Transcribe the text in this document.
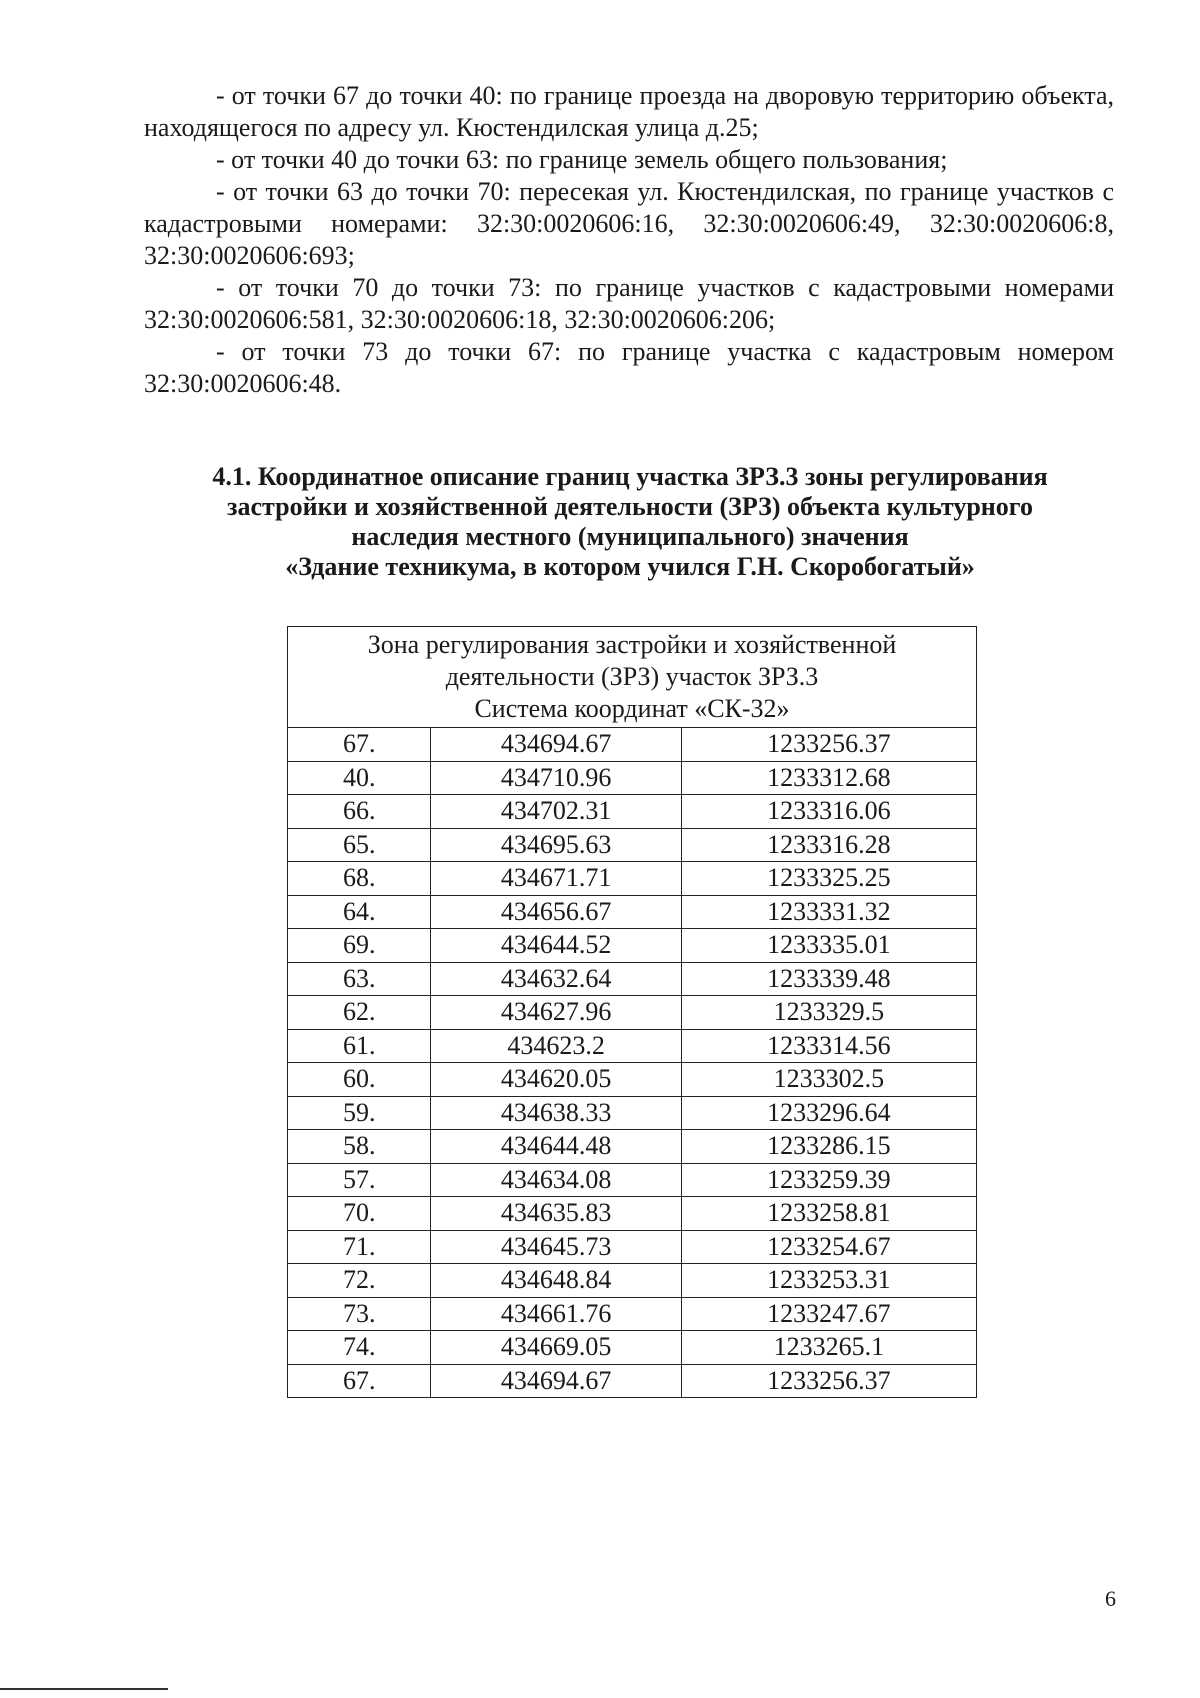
- от точки 67 до точки 40: по границе проезда на дворовую территорию объекта, находящегося по адресу ул. Кюстендилская улица д.25;

- от точки 40 до точки 63: по границе земель общего пользования;

- от точки 63 до точки 70: пересекая ул. Кюстендилская, по границе участков с кадастровыми номерами: 32:30:0020606:16, 32:30:0020606:49, 32:30:0020606:8, 32:30:0020606:693;

- от точки 70 до точки 73: по границе участков с кадастровыми номерами 32:30:0020606:581, 32:30:0020606:18, 32:30:0020606:206;

- от точки 73 до точки 67: по границе участка с кадастровым номером 32:30:0020606:48.

4.1. Координатное описание границ участка ЗРЗ.3 зоны регулирования
застройки и хозяйственной деятельности (ЗРЗ) объекта культурного
наследия местного (муниципального) значения
«Здание техникума, в котором учился Г.Н. Скоробогатый»
Зона регулирования застройки и хозяйственной
деятельности (ЗРЗ) участок ЗРЗ.3
Система координат «СК-32»		

67.	434694.67	1233256.37
40.	434710.96	1233312.68
66.	434702.31	1233316.06
65.	434695.63	1233316.28
68.	434671.71	1233325.25
64.	434656.67	1233331.32
69.	434644.52	1233335.01
63.	434632.64	1233339.48
62.	434627.96	1233329.5
61.	434623.2	1233314.56
60.	434620.05	1233302.5
59.	434638.33	1233296.64
58.	434644.48	1233286.15
57.	434634.08	1233259.39
70.	434635.83	1233258.81
71.	434645.73	1233254.67
72.	434648.84	1233253.31
73.	434661.76	1233247.67
74.	434669.05	1233265.1
67.	434694.67	1233256.37
6
